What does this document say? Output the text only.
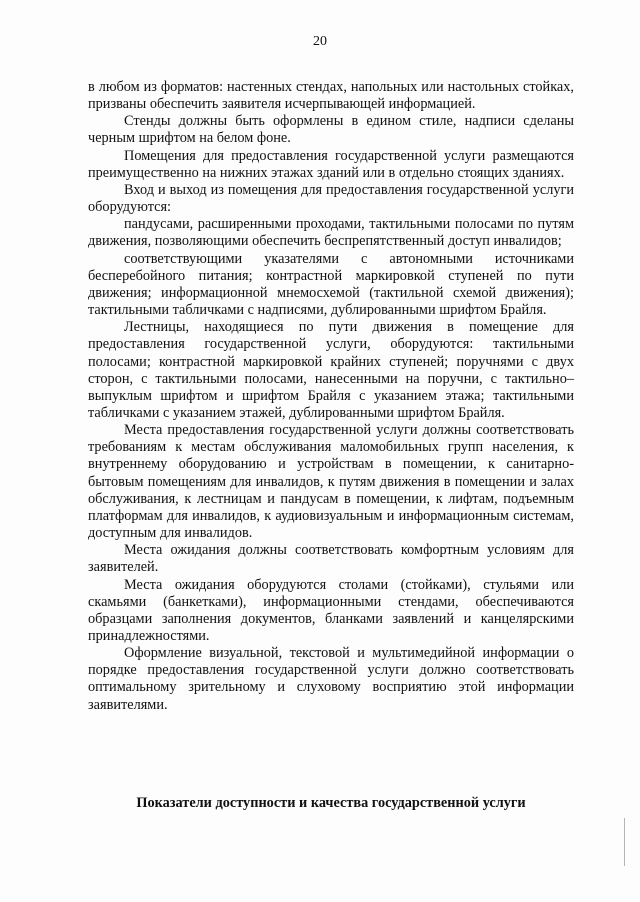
20

в любом из форматов: настенных стендах, напольных или настольных стойках, призваны обеспечить заявителя исчерпывающей информацией.

Стенды должны быть оформлены в едином стиле, надписи сделаны черным шрифтом на белом фоне.

Помещения для предоставления государственной услуги размещаются преимущественно на нижних этажах зданий или в отдельно стоящих зданиях.

Вход и выход из помещения для предоставления государственной услуги оборудуются:

пандусами, расширенными проходами, тактильными полосами по путям движения, позволяющими обеспечить беспрепятственный доступ инвалидов;

соответствующими указателями с автономными источниками бесперебойного питания; контрастной маркировкой ступеней по пути движения; информационной мнемосхемой (тактильной схемой движения); тактильными табличками с надписями, дублированными шрифтом Брайля.

Лестницы, находящиеся по пути движения в помещение для предоставления государственной услуги, оборудуются: тактильными полосами; контрастной маркировкой крайних ступеней; поручнями с двух сторон, с тактильными полосами, нанесенными на поручни, с тактильно–выпуклым шрифтом и шрифтом Брайля с указанием этажа; тактильными табличками с указанием этажей, дублированными шрифтом Брайля.

Места предоставления государственной услуги должны соответствовать требованиям к местам обслуживания маломобильных групп населения, к внутреннему оборудованию и устройствам в помещении, к санитарно-бытовым помещениям для инвалидов, к путям движения в помещении и залах обслуживания, к лестницам и пандусам в помещении, к лифтам, подъемным платформам для инвалидов, к аудиовизуальным и информационным системам, доступным для инвалидов.

Места ожидания должны соответствовать комфортным условиям для заявителей.

Места ожидания оборудуются столами (стойками), стульями или скамьями (банкетками), информационными стендами, обеспечиваются образцами заполнения документов, бланками заявлений и канцелярскими принадлежностями.

Оформление визуальной, текстовой и мультимедийной информации о порядке предоставления государственной услуги должно соответствовать оптимальному зрительному и слуховому восприятию этой информации заявителями.

Показатели доступности и качества государственной услуги
